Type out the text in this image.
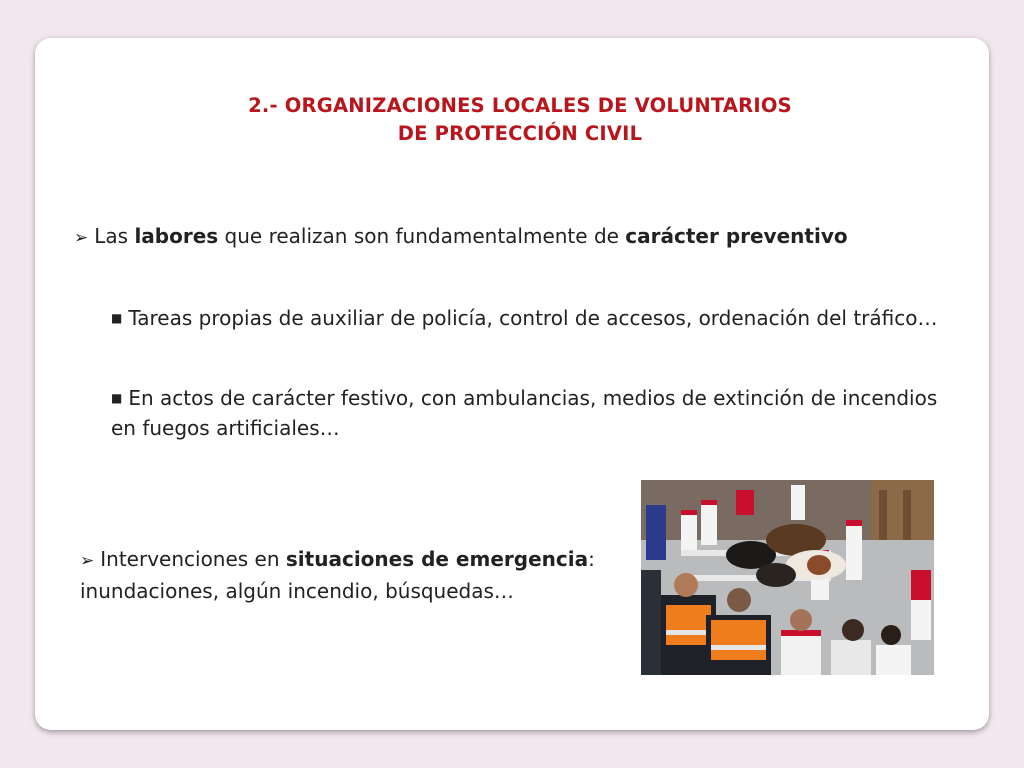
2.- ORGANIZACIONES LOCALES DE VOLUNTARIOS
DE PROTECCIÓN CIVIL
➢ Las labores que realizan son fundamentalmente de carácter preventivo
■ Tareas propias de auxiliar de policía, control de accesos, ordenación del tráfico…
■ En actos de carácter festivo, con ambulancias, medios de extinción de incendios en fuegos artificiales…
➢ Intervenciones en situaciones de emergencia: inundaciones, algún incendio, búsquedas…
